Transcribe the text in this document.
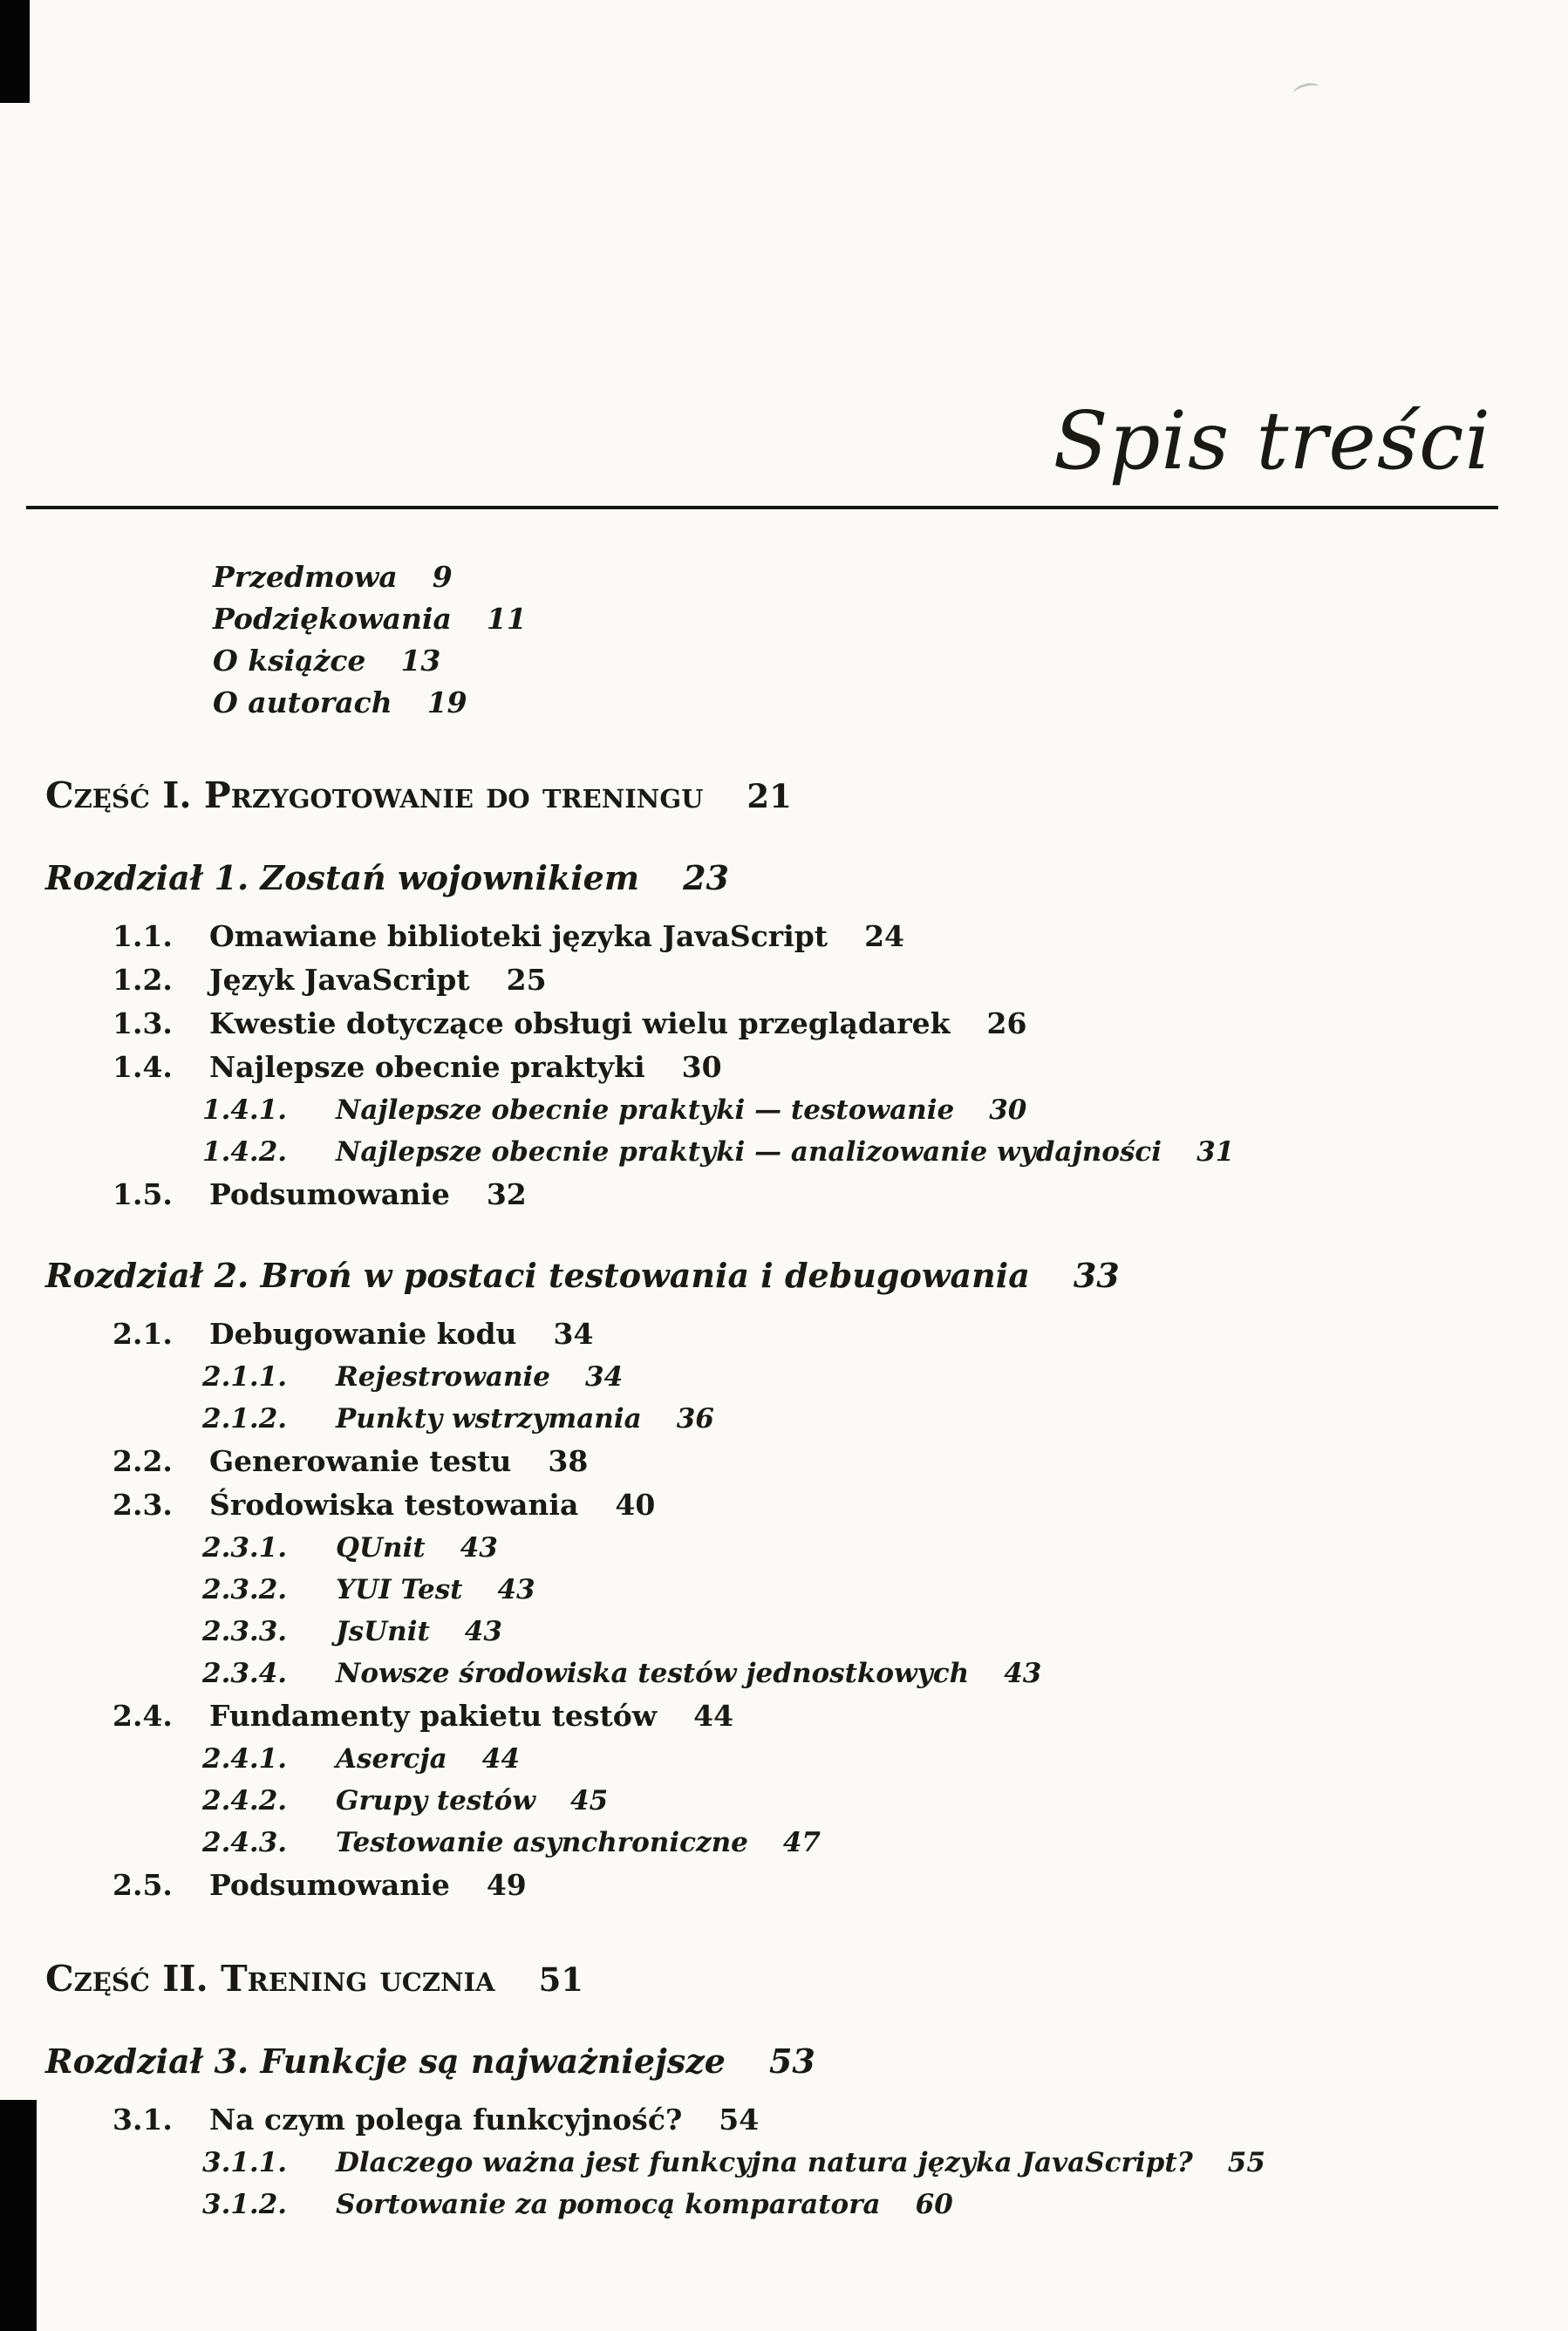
Spis treści
Przedmowa 9
Podziękowania 11
O książce 13
O autorach 19
Część I. Przygotowanie do treningu 21
Rozdział 1. Zostań wojownikiem 23
1.1. Omawiane biblioteki języka JavaScript 24
1.2. Język JavaScript 25
1.3. Kwestie dotyczące obsługi wielu przeglądarek 26
1.4. Najlepsze obecnie praktyki 30
1.4.1. Najlepsze obecnie praktyki — testowanie 30
1.4.2. Najlepsze obecnie praktyki — analizowanie wydajności 31
1.5. Podsumowanie 32
Rozdział 2. Broń w postaci testowania i debugowania 33
2.1. Debugowanie kodu 34
2.1.1. Rejestrowanie 34
2.1.2. Punkty wstrzymania 36
2.2. Generowanie testu 38
2.3. Środowiska testowania 40
2.3.1. QUnit 43
2.3.2. YUI Test 43
2.3.3. JsUnit 43
2.3.4. Nowsze środowiska testów jednostkowych 43
2.4. Fundamenty pakietu testów 44
2.4.1. Asercja 44
2.4.2. Grupy testów 45
2.4.3. Testowanie asynchroniczne 47
2.5. Podsumowanie 49
Część II. Trening ucznia 51
Rozdział 3. Funkcje są najważniejsze 53
3.1. Na czym polega funkcyjność? 54
3.1.1. Dlaczego ważna jest funkcyjna natura języka JavaScript? 55
3.1.2. Sortowanie za pomocą komparatora 60
